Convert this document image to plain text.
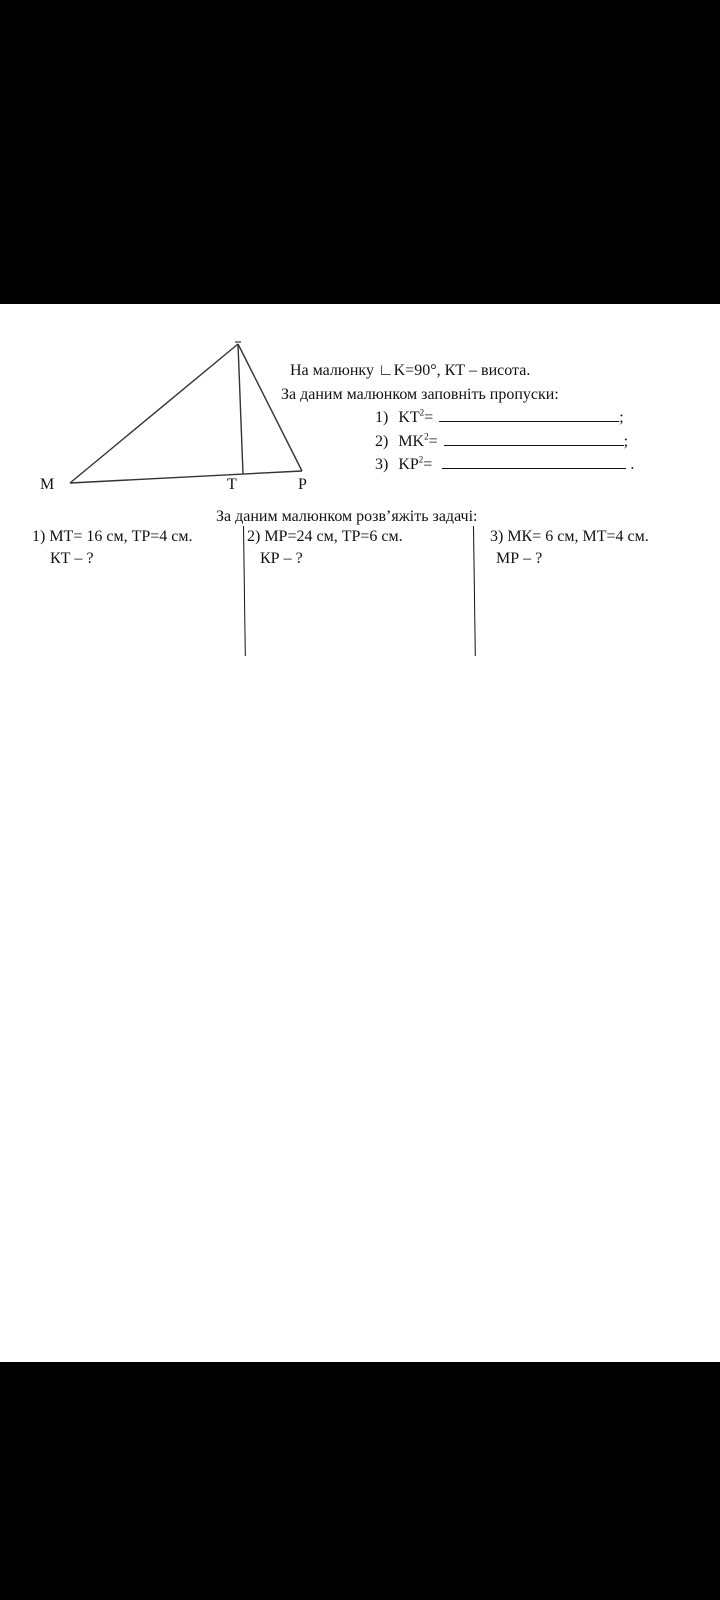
M	T	P
На малюнку ∟K=90°, КТ – висота.
За даним малюнком заповніть пропуски:
1) $KT^2=$	;
2) $MK^2=$	;
3) $KP^2=$	.
За даним малюнком розв’яжіть задачі:
1) МТ= 16 см, ТР=4 см.
КТ – ?
2) МР=24 см, ТР=6 см.
КР – ?
3) МК= 6 см, МТ=4 см.
МР – ?
